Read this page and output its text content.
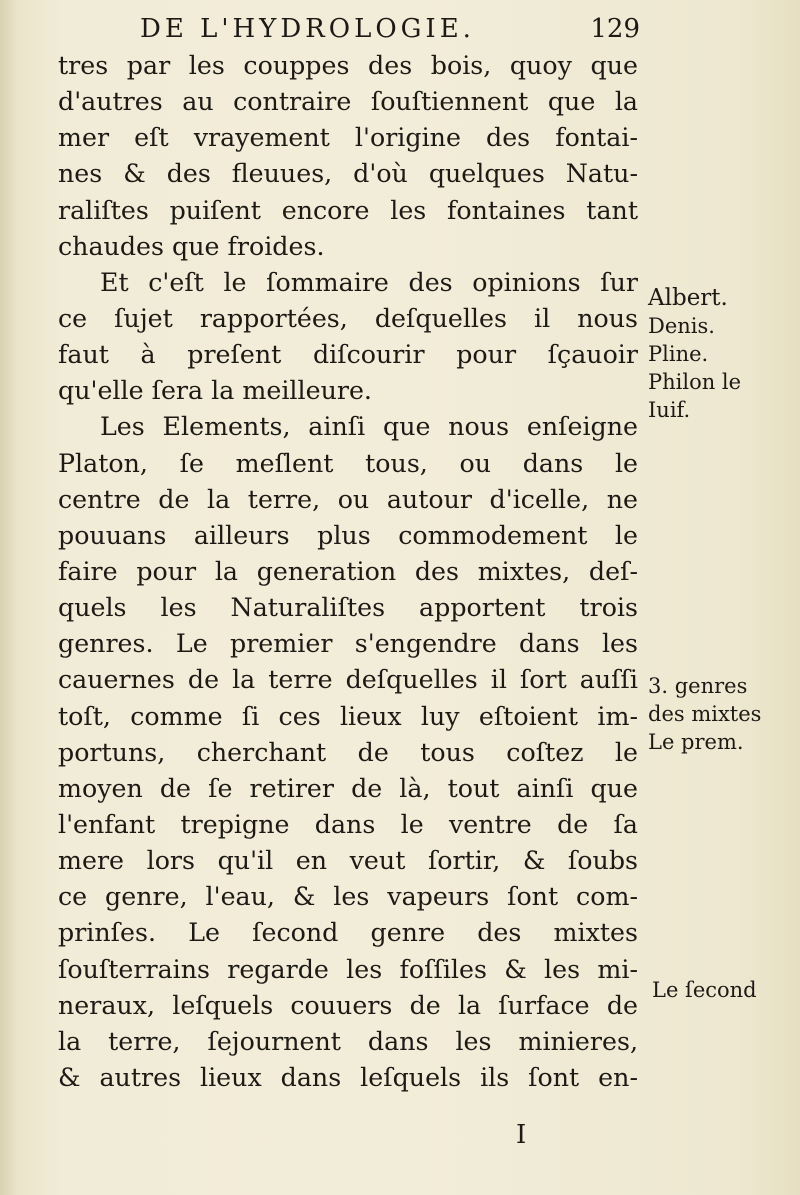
DE L'HYDROLOGIE.	129
tres par les couppes des bois, quoy que
d'autres au contraire ſouſtiennent que la
mer eſt vrayement l'origine des fontai-
nes & des fleuues, d'où quelques Natu-
raliſtes puiſent encore les fontaines tant
chaudes que froides.
Et c'eſt le ſommaire des opinions ſur
ce ſujet rapportées, deſquelles il nous
faut à preſent diſcourir pour ſçauoir
qu'elle ſera la meilleure.
Les Elements, ainſi que nous enſeigne
Platon, ſe meſlent tous, ou dans le
centre de la terre, ou autour d'icelle, ne
pouuans ailleurs plus commodement le
faire pour la generation des mixtes, deſ-
quels les Naturaliſtes apportent trois
genres. Le premier s'engendre dans les
cauernes de la terre deſquelles il ſort auſſi
toſt, comme ſi ces lieux luy eſtoient im-
portuns, cherchant de tous coſtez le
moyen de ſe retirer de là, tout ainſi que
l'enfant trepigne dans le ventre de ſa
mere lors qu'il en veut ſortir, & ſoubs
ce genre, l'eau, & les vapeurs ſont com-
prinſes. Le ſecond genre des mixtes
ſouſterrains regarde les foſſiles & les mi-
neraux, leſquels couuers de la ſurface de
la terre, ſejournent dans les minieres,
& autres lieux dans leſquels ils ſont en-
Albert.
Denis.
Pline.
Philon le
Iuif.
3. genres
des mixtes
Le prem.
Le ſecond
I
